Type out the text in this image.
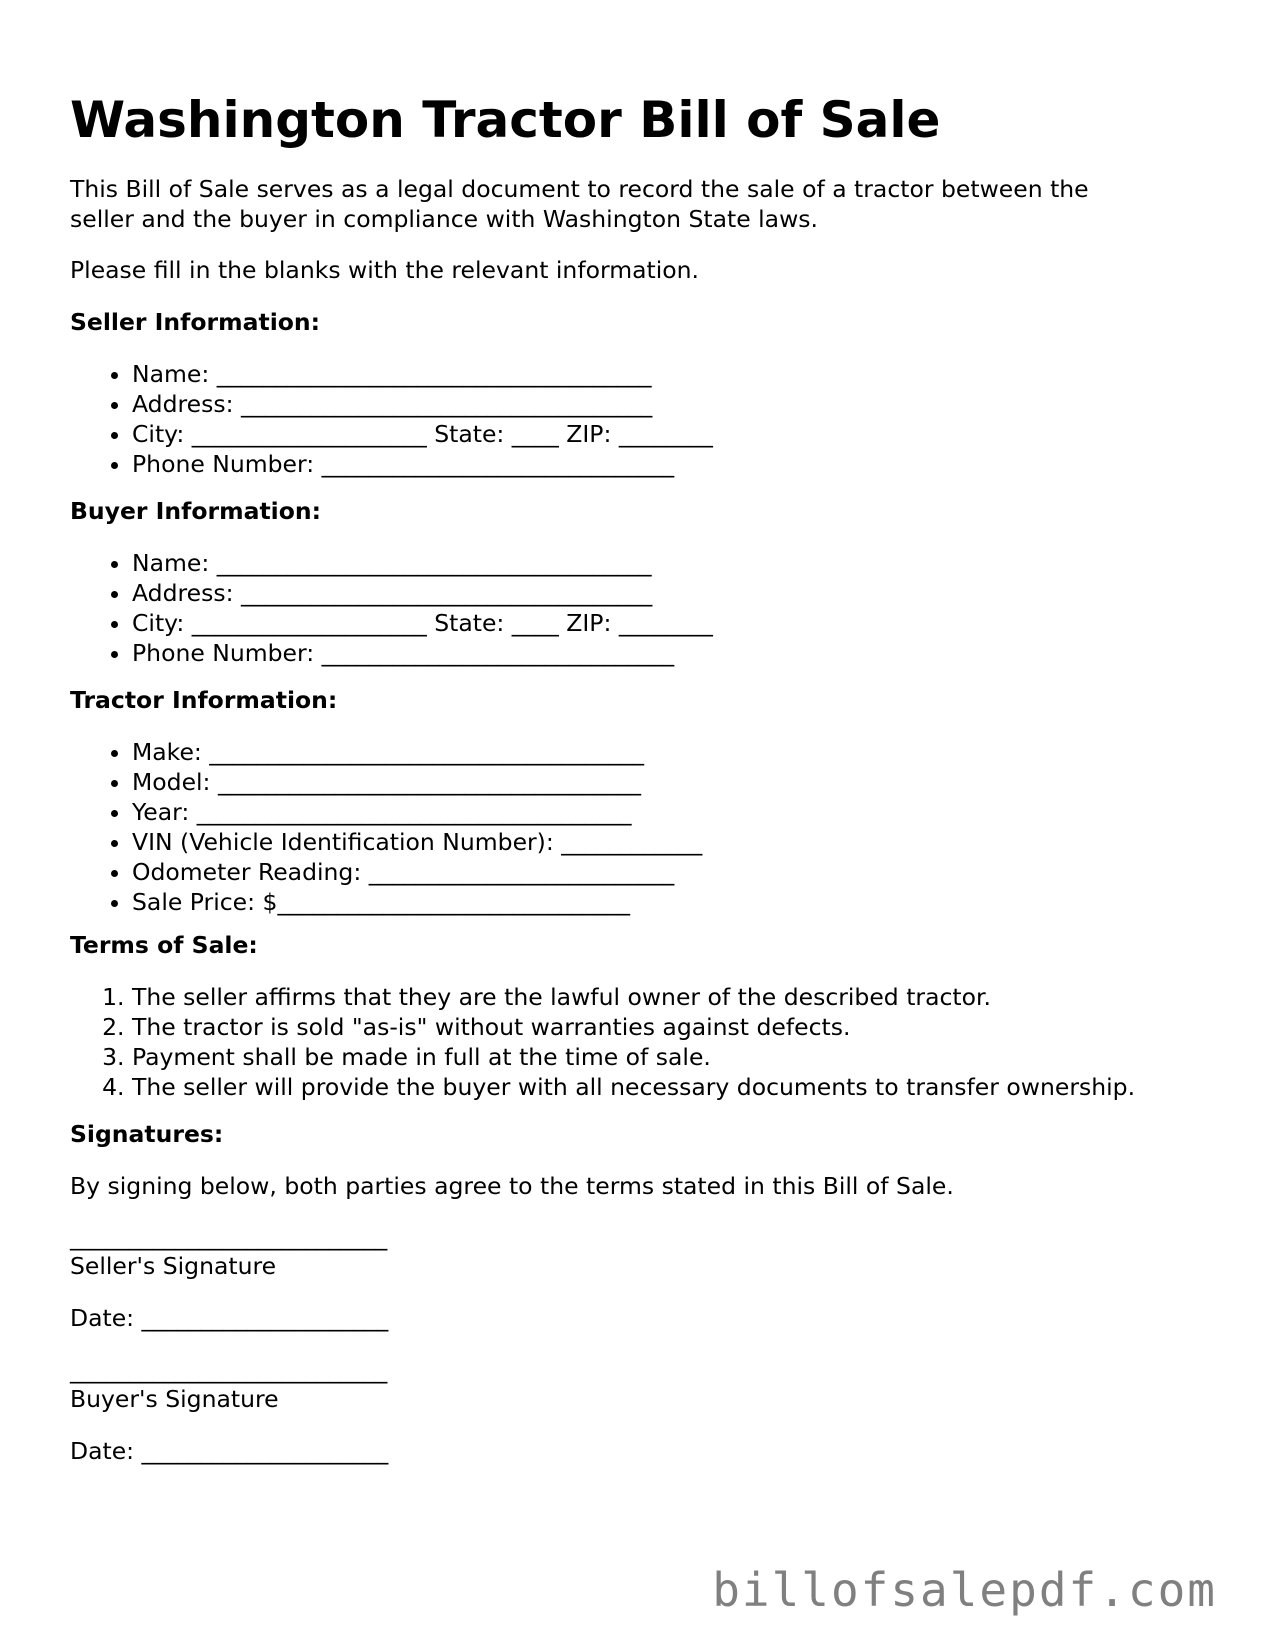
Washington Tractor Bill of Sale
This Bill of Sale serves as a legal document to record the sale of a tractor between the
seller and the buyer in compliance with Washington State laws.
Please fill in the blanks with the relevant information.
Seller Information:
• Name: _____________________________________
• Address: ___________________________________
• City: ____________________ State: ____ ZIP: ________
• Phone Number: ______________________________
Buyer Information:
• Name: _____________________________________
• Address: ___________________________________
• City: ____________________ State: ____ ZIP: ________
• Phone Number: ______________________________
Tractor Information:
• Make: _____________________________________
• Model: ____________________________________
• Year: _____________________________________
• VIN (Vehicle Identification Number): ____________
• Odometer Reading: __________________________
• Sale Price: $______________________________
Terms of Sale:
1. The seller affirms that they are the lawful owner of the described tractor.
2. The tractor is sold "as-is" without warranties against defects.
3. Payment shall be made in full at the time of sale.
4. The seller will provide the buyer with all necessary documents to transfer ownership.
Signatures:
By signing below, both parties agree to the terms stated in this Bill of Sale.
___________________________
Seller's Signature
Date: _____________________
___________________________
Buyer's Signature
Date: _____________________
billofsalepdf.com
